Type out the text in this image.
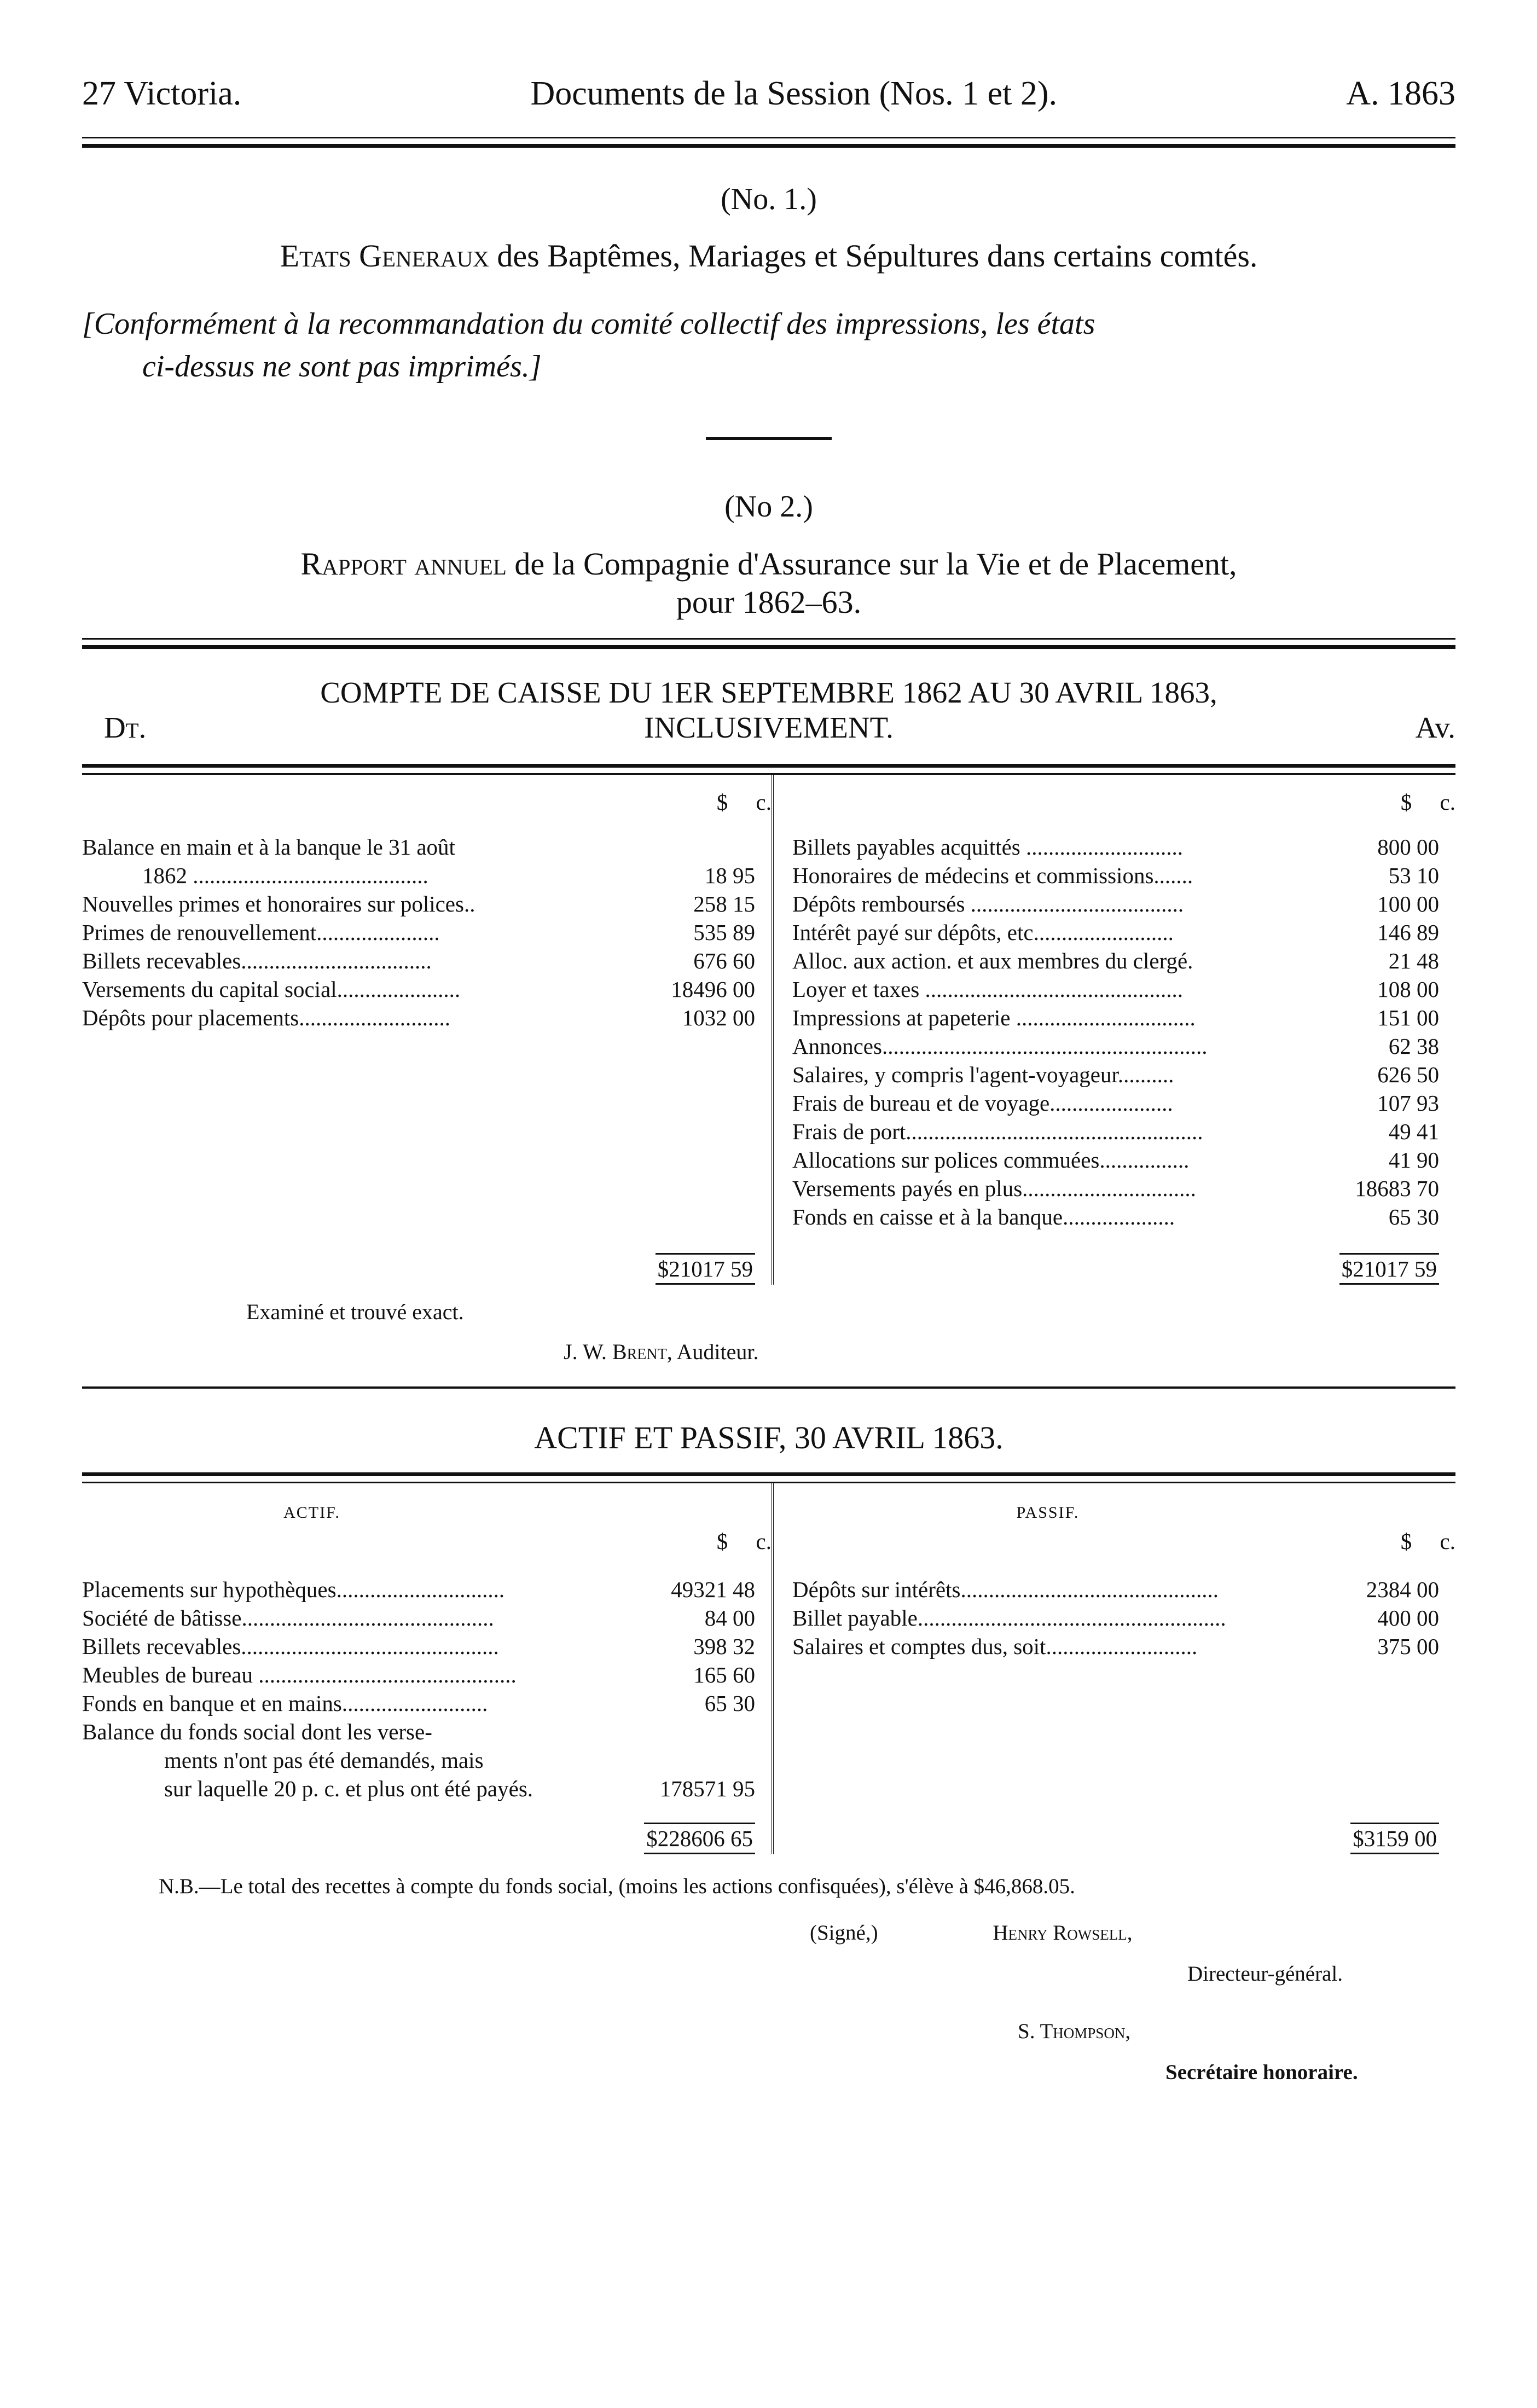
27 Victoria.	Documents de la Session (Nos. 1 et 2).	A. 1863
(No. 1.)
Etats Generaux des Baptêmes, Mariages et Sépultures dans certains comtés.
[Conformément à la recommandation du comité collectif des impressions, les états
ci-dessus ne sont pas imprimés.]
(No 2.)
Rapport annuel de la Compagnie d'Assurance sur la Vie et de Placement,
pour 1862–63.
COMPTE DE CAISSE DU 1ER SEPTEMBRE 1862 AU 30 AVRIL 1863,
INCLUSIVEMENT.
Dt.	Av.
	$ c.			$ c.
Balance en main et à la banque le 31 août			Billets payables acquittés ............................	800 00
1862 ..........................................	18 95		Honoraires de médecins et commissions.......	53 10
Nouvelles primes et honoraires sur polices..	258 15		Dépôts remboursés ......................................	100 00
Primes de renouvellement......................	535 89		Intérêt payé sur dépôts, etc.........................	146 89
Billets recevables..................................	676 60		Alloc. aux action. et aux membres du clergé.	21 48
Versements du capital social......................	18496 00		Loyer et taxes ..............................................	108 00
Dépôts pour placements...........................	1032 00		Impressions at papeterie ................................	151 00
			Annonces..........................................................	62 38
			Salaires, y compris l'agent-voyageur..........	626 50
			Frais de bureau et de voyage......................	107 93
			Frais de port.....................................................	49 41
			Allocations sur polices commuées................	41 90
			Versements payés en plus...............................	18683 70
			Fonds en caisse et à la banque....................	65 30
	$21017 59			$21017 59
Examiné et trouvé exact.
J. W. Brent, Auditeur.
ACTIF ET PASSIF, 30 AVRIL 1863.
ACTIF.			PASSIF.	
	$ c.			$ c.
Placements sur hypothèques..............................	49321 48		Dépôts sur intérêts..............................................	2384 00
Société de bâtisse.............................................	84 00		Billet payable.......................................................	400 00
Billets recevables..............................................	398 32		Salaires et comptes dus, soit...........................	375 00
Meubles de bureau ..............................................	165 60			
Fonds en banque et en mains..........................	65 30			
Balance du fonds social dont les verse-				
ments n'ont pas été demandés, mais				
sur laquelle 20 p. c. et plus ont été payés.	178571 95			
	$228606 65			$3159 00
N.B.—Le total des recettes à compte du fonds social, (moins les actions confisquées), s'élève à $46,868.05.
(Signé,)	Henry Rowsell,
Directeur-général.
S. Thompson,
Secrétaire honoraire.
